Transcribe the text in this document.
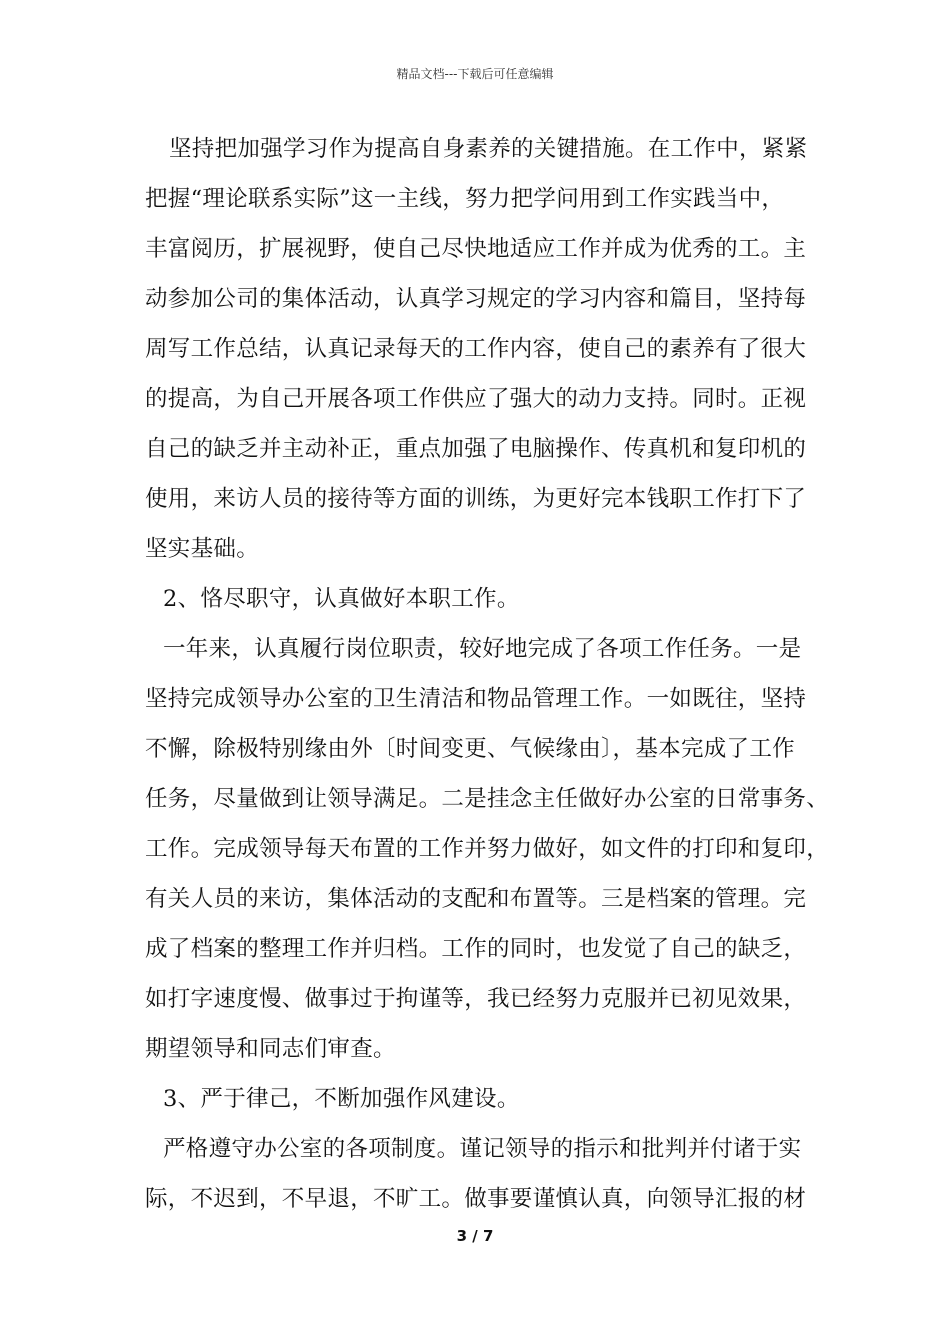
精品文档---下载后可任意编辑
坚持把加强学习作为提高自身素养的关键措施。在工作中，紧紧
把握“理论联系实际”这一主线，努力把学问用到工作实践当中，
丰富阅历，扩展视野，使自己尽快地适应工作并成为优秀的工。主
动参加公司的集体活动，认真学习规定的学习内容和篇目，坚持每
周写工作总结，认真记录每天的工作内容，使自己的素养有了很大
的提高，为自己开展各项工作供应了强大的动力支持。同时。正视
自己的缺乏并主动补正，重点加强了电脑操作、传真机和复印机的
使用，来访人员的接待等方面的训练，为更好完本钱职工作打下了
坚实基础。
2、恪尽职守，认真做好本职工作。
一年来，认真履行岗位职责，较好地完成了各项工作任务。一是
坚持完成领导办公室的卫生清洁和物品管理工作。一如既往，坚持
不懈，除极特别缘由外〔时间变更、气候缘由〕，基本完成了工作
任务，尽量做到让领导满足。二是挂念主任做好办公室的日常事务、
工作。完成领导每天布置的工作并努力做好，如文件的打印和复印，
有关人员的来访，集体活动的支配和布置等。三是档案的管理。完
成了档案的整理工作并归档。工作的同时，也发觉了自己的缺乏，
如打字速度慢、做事过于拘谨等，我已经努力克服并已初见效果，
期望领导和同志们审查。
3、严于律己，不断加强作风建设。
严格遵守办公室的各项制度。谨记领导的指示和批判并付诸于实
际，不迟到，不早退，不旷工。做事要谨慎认真，向领导汇报的材
3 / 7
